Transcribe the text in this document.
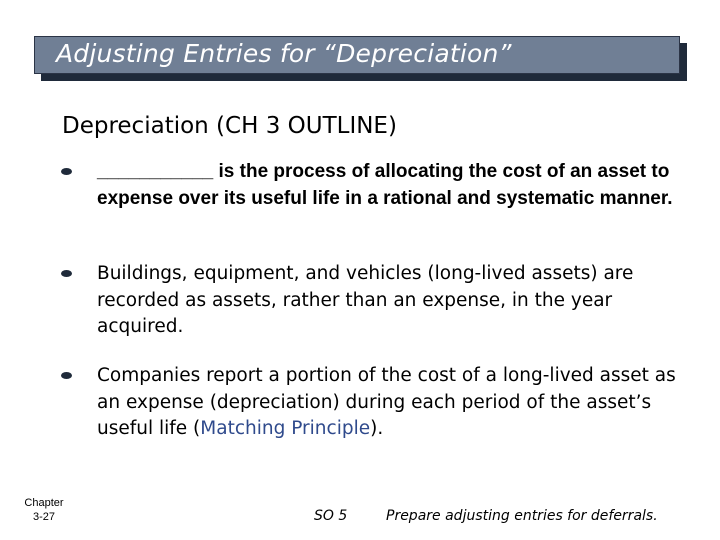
Adjusting Entries for “Depreciation”
Depreciation (CH 3 OUTLINE)
___________ is the process of allocating the cost of an asset to expense over its useful life in a rational and systematic manner.
Buildings, equipment, and vehicles (long-lived assets) are recorded as assets, rather than an expense, in the year acquired.
Companies report a portion of the cost of a long-lived asset as an expense (depreciation) during each period of the asset’s useful life (Matching Principle).
Chapter
3-27	SO 5	Prepare adjusting entries for deferrals.
